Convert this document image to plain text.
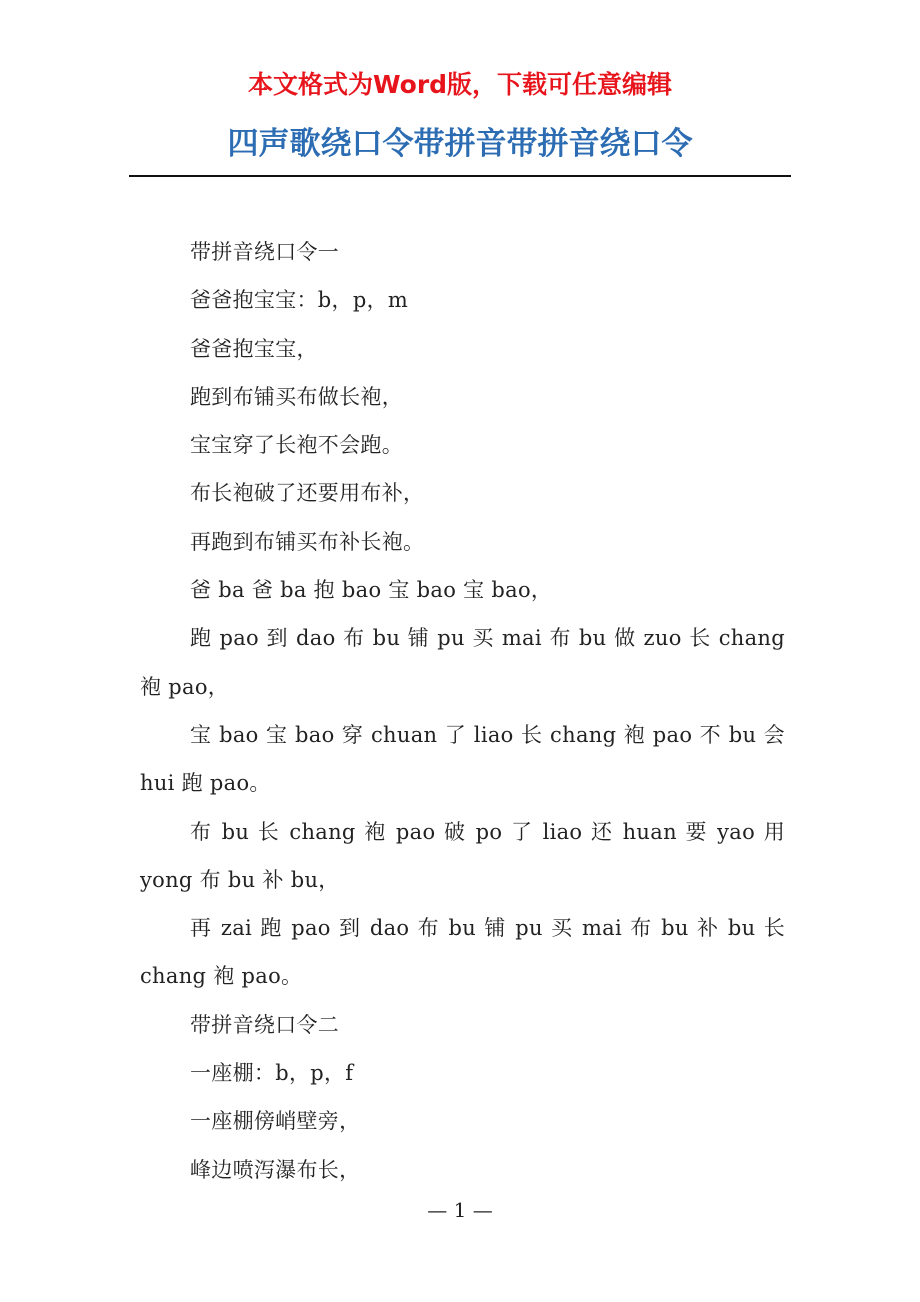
本文格式为Word版，下载可任意编辑
四声歌绕口令带拼音带拼音绕口令

带拼音绕口令一

爸爸抱宝宝：b，p，m

爸爸抱宝宝，

跑到布铺买布做长袍，

宝宝穿了长袍不会跑。

布长袍破了还要用布补，

再跑到布铺买布补长袍。

爸 ba 爸 ba 抱 bao 宝 bao 宝 bao，

跑 pao 到 dao 布 bu 铺 pu 买 mai 布 bu 做 zuo 长 chang 袍 pao，

宝 bao 宝 bao 穿 chuan 了 liao 长 chang 袍 pao 不 bu 会 hui 跑 pao。

布 bu 长 chang 袍 pao 破 po 了 liao 还 huan 要 yao 用 yong 布 bu 补 bu，

再 zai 跑 pao 到 dao 布 bu 铺 pu 买 mai 布 bu 补 bu 长 chang 袍 pao。

带拼音绕口令二

一座棚：b，p，f

一座棚傍峭壁旁，

峰边喷泻瀑布长，

— 1 —
